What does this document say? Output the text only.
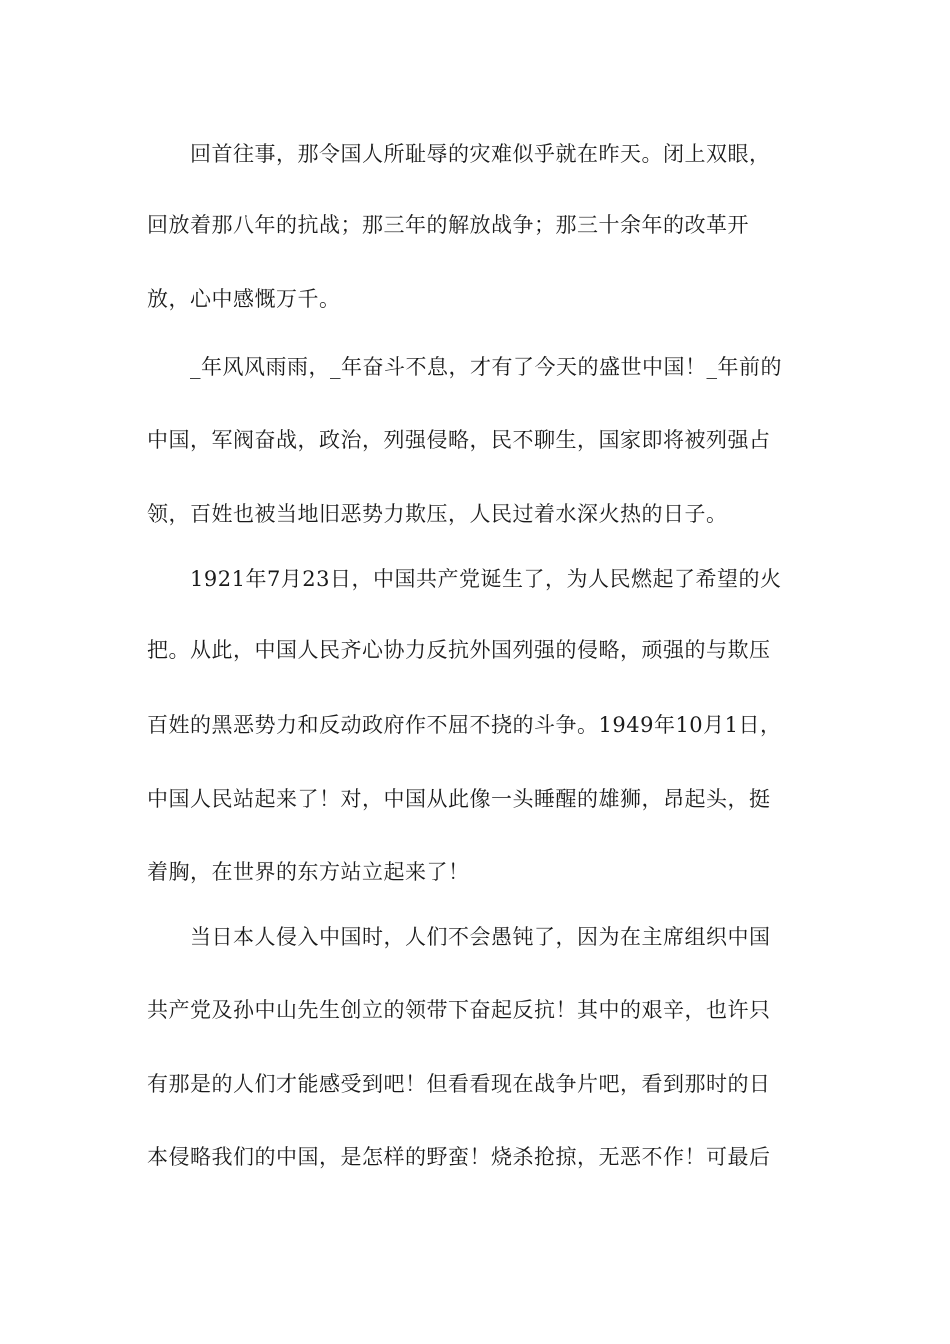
回首往事，那令国人所耻辱的灾难似乎就在昨天。闭上双眼，
回放着那八年的抗战；那三年的解放战争；那三十余年的改革开
放，心中感慨万千。
_年风风雨雨，_年奋斗不息，才有了今天的盛世中国！_年前的
中国，军阀奋战，政治，列强侵略，民不聊生，国家即将被列强占
领，百姓也被当地旧恶势力欺压，人民过着水深火热的日子。
1921年7月23日，中国共产党诞生了，为人民燃起了希望的火
把。从此，中国人民齐心协力反抗外国列强的侵略，顽强的与欺压
百姓的黑恶势力和反动政府作不屈不挠的斗争。1949年10月1日，
中国人民站起来了！对，中国从此像一头睡醒的雄狮，昂起头，挺
着胸，在世界的东方站立起来了！
当日本人侵入中国时，人们不会愚钝了，因为在主席组织中国
共产党及孙中山先生创立的领带下奋起反抗！其中的艰辛，也许只
有那是的人们才能感受到吧！但看看现在战争片吧，看到那时的日
本侵略我们的中国，是怎样的野蛮！烧杀抢掠，无恶不作！可最后
